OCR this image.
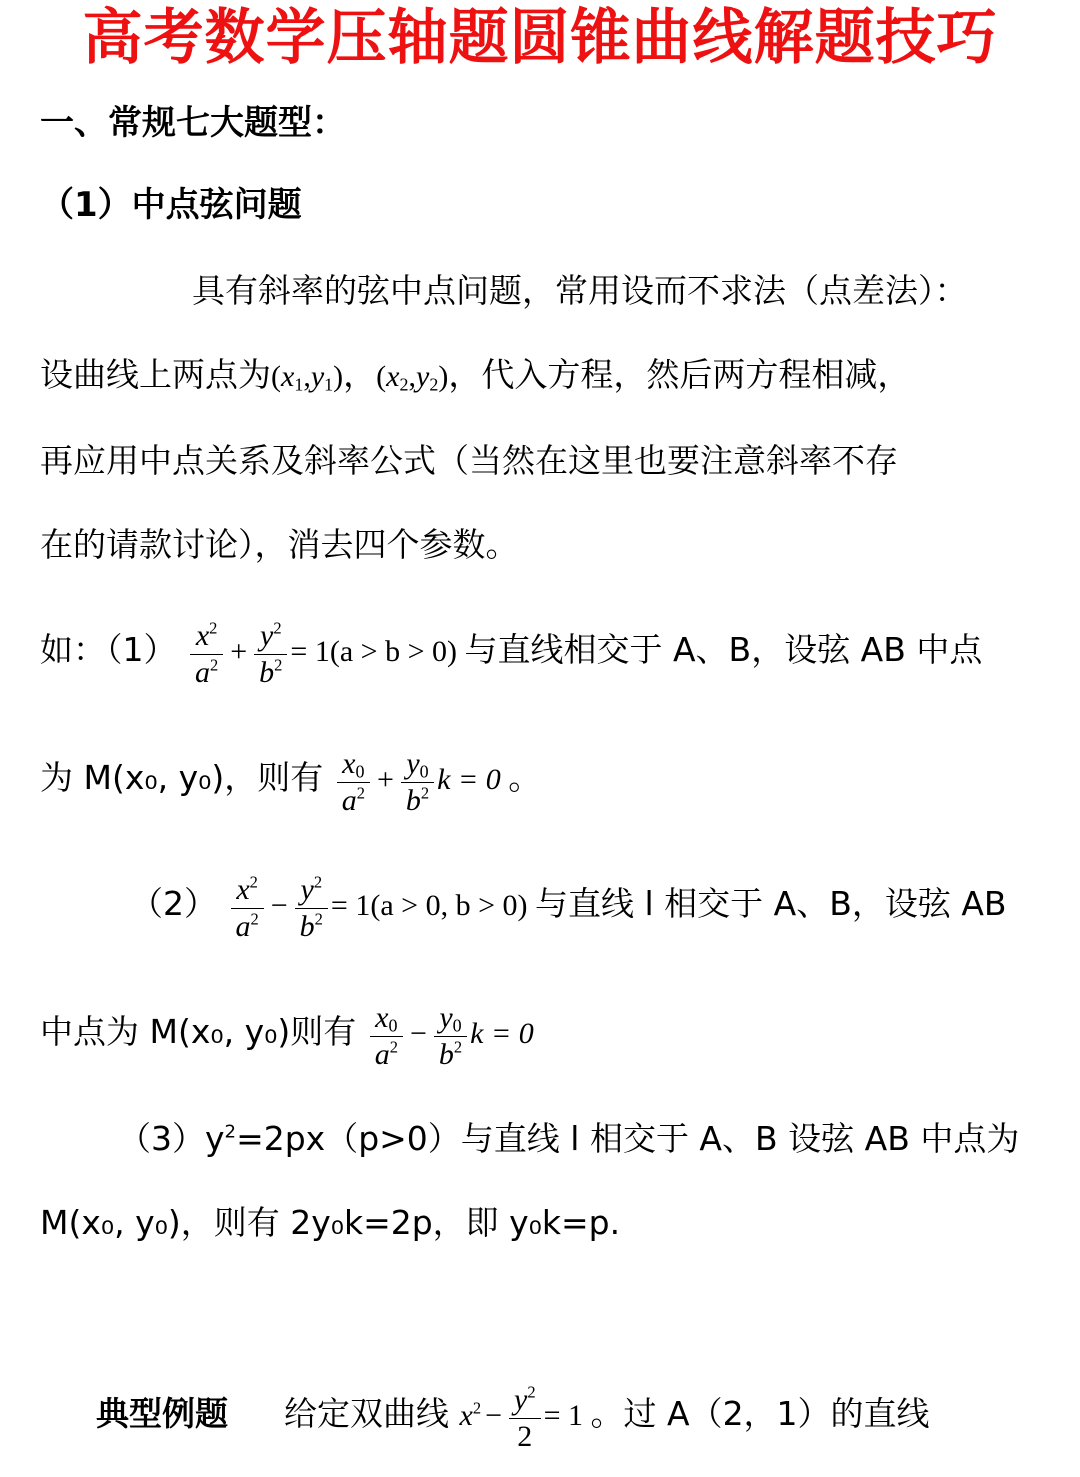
高考数学压轴题圆锥曲线解题技巧
一、常规七大题型：
（1）中点弦问题
具有斜率的弦中点问题，常用设而不求法（点差法）：
设曲线上两点为$(x_1,y_1)$，$(x_2,y_2)$，代入方程，然后两方程相减，
再应用中点关系及斜率公式（当然在这里也要注意斜率不存
在的请款讨论），消去四个参数。
如：$(1) \frac{x^2}{a^2} + \frac{y^2}{b^2} = 1(a > b > 0)$ 与直线相交于 A、B，设弦 AB 中点
为 M(x₀, y₀)，则有 $\frac{x_0}{a^2} + \frac{y_0}{b^2}$ k = 0 。
$(2) \frac{x^2}{a^2} - \frac{y^2}{b^2} = 1(a > 0$, b > 0) 与直线 l 相交于 A、B，设弦 AB
中点为 M(x₀, y₀)则有 $\frac{x_0}{a^2} - \frac{y_0}{b^2}$ k = 0
$(3)y^2=2px(p>0)$与直线 l 相交于 A、B 设弦 AB 中点为
M(x₀, y₀)，则有 2y₀k=2p，即 y₀k=p.
典型例题 给定双曲线 $x^2 - \frac{y^2}{2} = 1$ 。过 A（2，1）的直线
